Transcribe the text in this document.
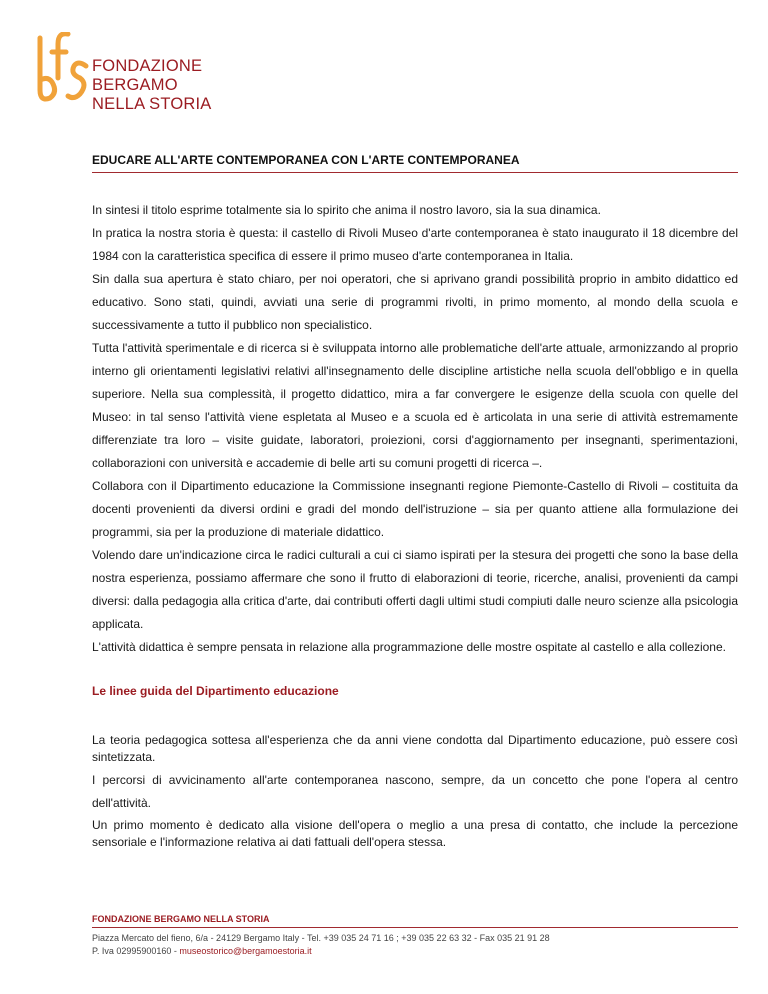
FONDAZIONE
BERGAMO
NELLA STORIA
EDUCARE ALL'ARTE CONTEMPORANEA CON L'ARTE CONTEMPORANEA

In sintesi il titolo esprime totalmente sia lo spirito che anima il nostro lavoro, sia la sua dinamica.

In pratica la nostra storia è questa: il castello di Rivoli Museo d'arte contemporanea è stato inaugurato il 18 dicembre del 1984 con la caratteristica specifica di essere il primo museo d'arte contemporanea in Italia.

Sin dalla sua apertura è stato chiaro, per noi operatori, che si aprivano grandi possibilità proprio in ambito didattico ed educativo. Sono stati, quindi, avviati una serie di programmi rivolti, in primo momento, al mondo della scuola e successivamente a tutto il pubblico non specialistico.

Tutta l'attività sperimentale e di ricerca si è sviluppata intorno alle problematiche dell'arte attuale, armonizzando al proprio interno gli orientamenti legislativi relativi all'insegnamento delle discipline artistiche nella scuola dell'obbligo e in quella superiore. Nella sua complessità, il progetto didattico, mira a far convergere le esigenze della scuola con quelle del Museo: in tal senso l'attività viene espletata al Museo e a scuola ed è articolata in una serie di attività estremamente differenziate tra loro – visite guidate, laboratori, proiezioni, corsi d'aggiornamento per insegnanti, sperimentazioni, collaborazioni con università e accademie di belle arti su comuni progetti di ricerca –.

Collabora con il Dipartimento educazione la Commissione insegnanti regione Piemonte-Castello di Rivoli – costituita da docenti provenienti da diversi ordini e gradi del mondo dell'istruzione – sia per quanto attiene alla formulazione dei programmi, sia per la produzione di materiale didattico.

Volendo dare un'indicazione circa le radici culturali a cui ci siamo ispirati per la stesura dei progetti che sono la base della nostra esperienza, possiamo affermare che sono il frutto di elaborazioni di teorie, ricerche, analisi, provenienti da campi diversi: dalla pedagogia alla critica d'arte, dai contributi offerti dagli ultimi studi compiuti dalle neuro scienze alla psicologia applicata.

L'attività didattica è sempre pensata in relazione alla programmazione delle mostre ospitate al castello e alla collezione.

Le linee guida del Dipartimento educazione

La teoria pedagogica sottesa all'esperienza che da anni viene condotta dal Dipartimento educazione, può essere così sintetizzata.

I percorsi di avvicinamento all'arte contemporanea nascono, sempre, da un concetto che pone l'opera al centro dell'attività.

Un primo momento è dedicato alla visione dell'opera o meglio a una presa di contatto, che include la percezione sensoriale e l'informazione relativa ai dati fattuali dell'opera stessa.

FONDAZIONE BERGAMO NELLA STORIA
Piazza Mercato del fieno, 6/a - 24129 Bergamo Italy - Tel. +39 035 24 71 16 ; +39 035 22 63 32 - Fax 035 21 91 28
P. Iva 02995900160 - museostorico@bergamoestoria.it
